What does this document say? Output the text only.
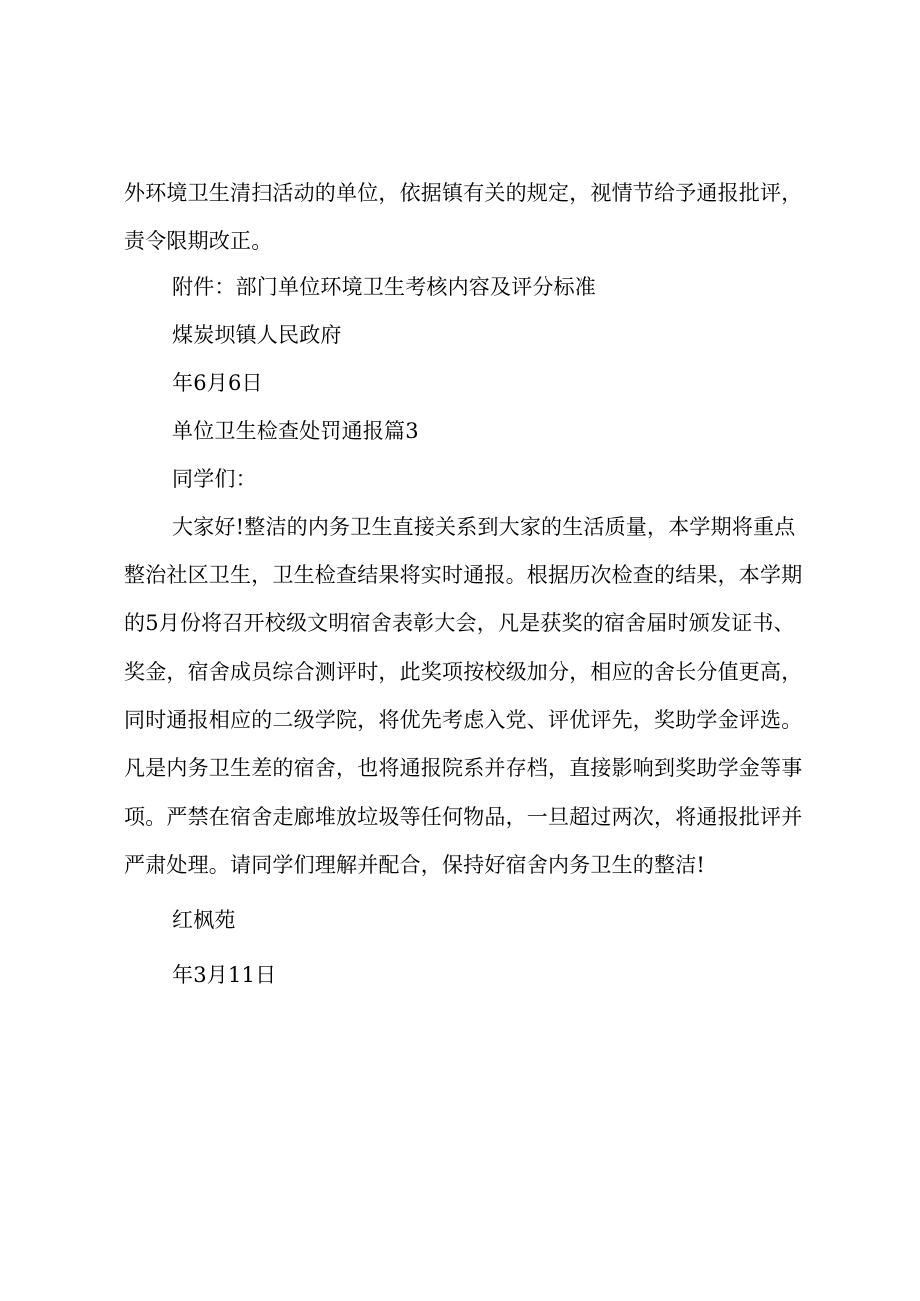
外环境卫生清扫活动的单位，依据镇有关的规定，视情节给予通报批评，
责令限期改正。
附件：部门单位环境卫生考核内容及评分标准
煤炭坝镇人民政府
年6月6日
单位卫生检查处罚通报篇3
同学们：
大家好!整洁的内务卫生直接关系到大家的生活质量，本学期将重点
整治社区卫生，卫生检查结果将实时通报。根据历次检查的结果，本学期
的5月份将召开校级文明宿舍表彰大会，凡是获奖的宿舍届时颁发证书、
奖金，宿舍成员综合测评时，此奖项按校级加分，相应的舍长分值更高，
同时通报相应的二级学院，将优先考虑入党、评优评先，奖助学金评选。
凡是内务卫生差的宿舍，也将通报院系并存档，直接影响到奖助学金等事
项。严禁在宿舍走廊堆放垃圾等任何物品，一旦超过两次，将通报批评并
严肃处理。请同学们理解并配合，保持好宿舍内务卫生的整洁!
红枫苑
年3月11日
